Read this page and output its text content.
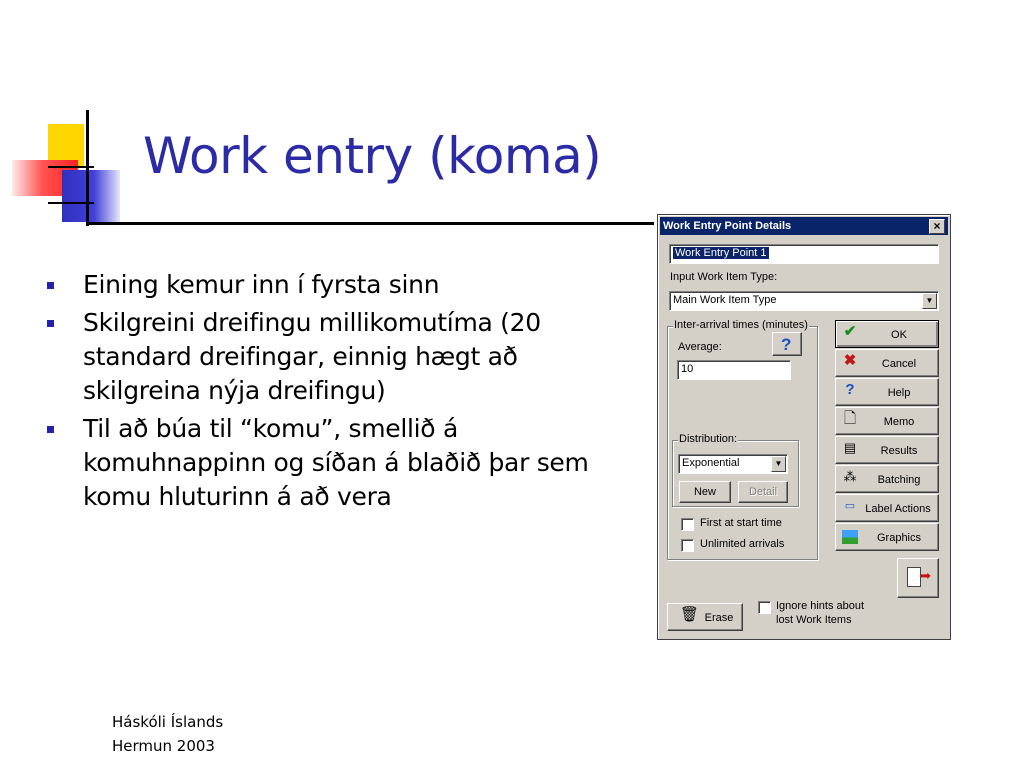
Work entry (koma)
Eining kemur inn í fyrsta sinn
Skilgreini dreifingu millikomutíma (20 standard dreifingar, einnig hægt að skilgreina nýja dreifingu)
Til að búa til “komu”, smellið á komuhnappinn og síðan á blaðið þar sem komu hluturinn á að vera
Háskóli Íslands
Hermun 2003
Work Entry Point Details	×
Work Entry Point 1
Input Work Item Type:
Main Work Item Type	▼
Inter-arrival times (minutes)
Average:	?
10
Distribution:
Exponential	▼
New	Detail
First at start time
Unlimited arrivals
✔	OK
✖	Cancel
?	Help
🗋	Memo
▤	Results
⁂	Batching
▭ Label Actions
Graphics
➡
🗑 Erase
Ignore hints about
lost Work Items
